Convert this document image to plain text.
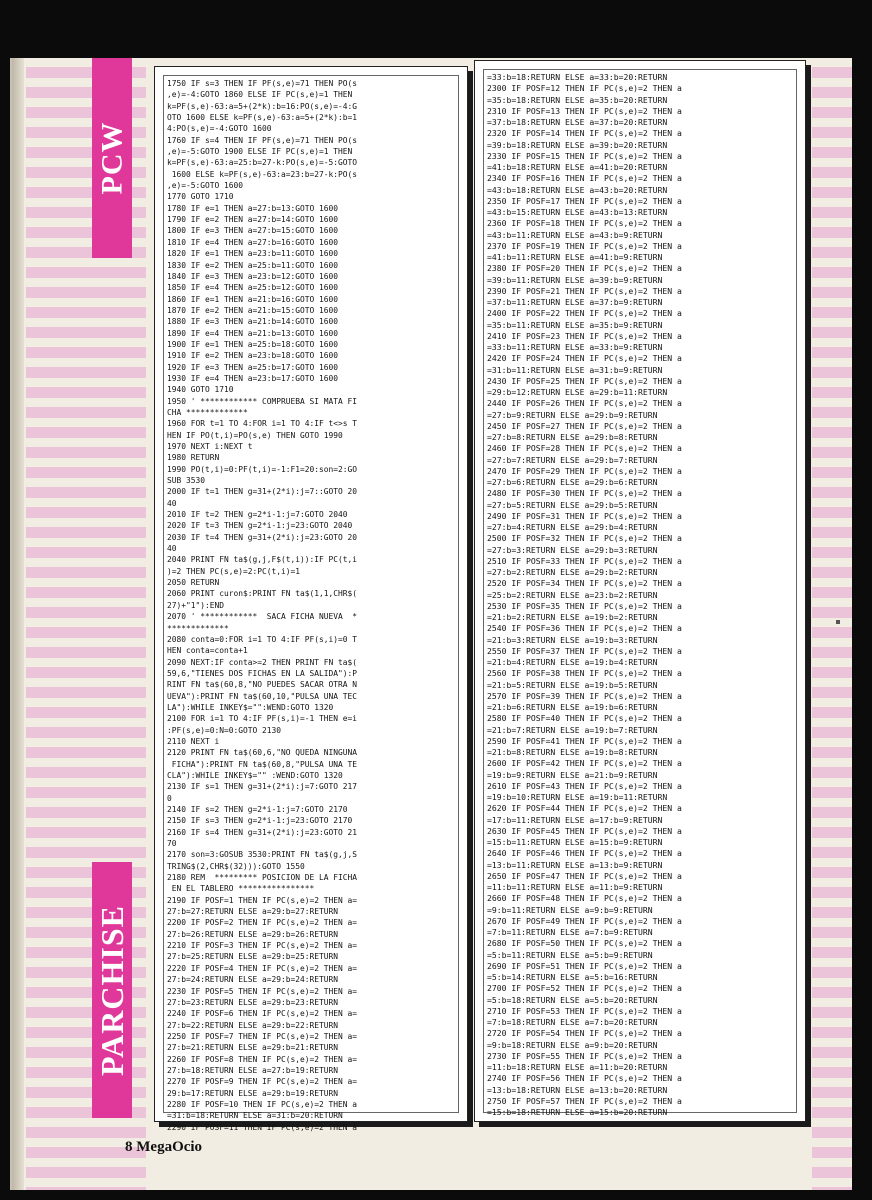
PCW
PARCHISE
1750 IF s=3 THEN IF PF(s,e)=71 THEN PO(s
,e)=-4:GOTO 1860 ELSE IF PC(s,e)=1 THEN
k=PF(s,e)-63:a=5+(2*k):b=16:PO(s,e)=-4:G
OTO 1600 ELSE k=PF(s,e)-63:a=5+(2*k):b=1
4:PO(s,e)=-4:GOTO 1600
1760 IF s=4 THEN IF PF(s,e)=71 THEN PO(s
,e)=-5:GOTO 1900 ELSE IF PC(s,e)=1 THEN
k=PF(s,e)-63:a=25:b=27-k:PO(s,e)=-5:GOTO
1600 ELSE k=PF(s,e)-63:a=23:b=27-k:PO(s
,e)=-5:GOTO 1600
1770 GOTO 1710
1780 IF e=1 THEN a=27:b=13:GOTO 1600
1790 IF e=2 THEN a=27:b=14:GOTO 1600
1800 IF e=3 THEN a=27:b=15:GOTO 1600
1810 IF e=4 THEN a=27:b=16:GOTO 1600
1820 IF e=1 THEN a=23:b=11:GOTO 1600
1830 IF e=2 THEN a=25:b=11:GOTO 1600
1840 IF e=3 THEN a=23:b=12:GOTO 1600
1850 IF e=4 THEN a=25:b=12:GOTO 1600
1860 IF e=1 THEN a=21:b=16:GOTO 1600
1870 IF e=2 THEN a=21:b=15:GOTO 1600
1880 IF e=3 THEN a=21:b=14:GOTO 1600
1890 IF e=4 THEN a=21:b=13:GOTO 1600
1900 IF e=1 THEN a=25:b=18:GOTO 1600
1910 IF e=2 THEN a=23:b=18:GOTO 1600
1920 IF e=3 THEN a=25:b=17:GOTO 1600
1930 IF e=4 THEN a=23:b=17:GOTO 1600
1940 GOTO 1710
1950 ' ************ COMPRUEBA SI MATA FI
CHA *************
1960 FOR t=1 TO 4:FOR i=1 TO 4:IF t<>s T
HEN IF PO(t,i)=PO(s,e) THEN GOTO 1990
1970 NEXT i:NEXT t
1980 RETURN
1990 PO(t,i)=0:PF(t,i)=-1:F1=20:son=2:GO
SUB 3530
2000 IF t=1 THEN g=31+(2*i):j=7::GOTO 20
40
2010 IF t=2 THEN g=2*i-1:j=7:GOTO 2040
2020 IF t=3 THEN g=2*i-1:j=23:GOTO 2040
2030 IF t=4 THEN g=31+(2*i):j=23:GOTO 20
40
2040 PRINT FN ta$(g,j,F$(t,i)):IF PC(t,i
)=2 THEN PC(s,e)=2:PC(t,i)=1
2050 RETURN
2060 PRINT curon$:PRINT FN ta$(1,1,CHR$(
27)+"1"):END
2070 ' ************  SACA FICHA NUEVA  *
*************
2080 conta=0:FOR i=1 TO 4:IF PF(s,i)=0 T
HEN conta=conta+1
2090 NEXT:IF conta>=2 THEN PRINT FN ta$(
59,6,"TIENES DOS FICHAS EN LA SALIDA"):P
RINT FN ta$(60,8,"NO PUEDES SACAR OTRA N
UEVA"):PRINT FN ta$(60,10,"PULSA UNA TEC
LA"):WHILE INKEY$="":WEND:GOTO 1320
2100 FOR i=1 TO 4:IF PF(s,i)=-1 THEN e=i
:PF(s,e)=0:N=0:GOTO 2130
2110 NEXT i
2120 PRINT FN ta$(60,6,"NO QUEDA NINGUNA
FICHA"):PRINT FN ta$(60,8,"PULSA UNA TE
CLA"):WHILE INKEY$="" :WEND:GOTO 1320
2130 IF s=1 THEN g=31+(2*i):j=7:GOTO 217
0
2140 IF s=2 THEN g=2*i-1:j=7:GOTO 2170
2150 IF s=3 THEN g=2*i-1:j=23:GOTO 2170
2160 IF s=4 THEN g=31+(2*i):j=23:GOTO 21
70
2170 son=3:GOSUB 3530:PRINT FN ta$(g,j,S
TRING$(2,CHR$(32))):GOTO 1550
2180 REM  ********* POSICION DE LA FICHA
EN EL TABLERO ****************
2190 IF POSF=1 THEN IF PC(s,e)=2 THEN a=
27:b=27:RETURN ELSE a=29:b=27:RETURN
2200 IF POSF=2 THEN IF PC(s,e)=2 THEN a=
27:b=26:RETURN ELSE a=29:b=26:RETURN
2210 IF POSF=3 THEN IF PC(s,e)=2 THEN a=
27:b=25:RETURN ELSE a=29:b=25:RETURN
2220 IF POSF=4 THEN IF PC(s,e)=2 THEN a=
27:b=24:RETURN ELSE a=29:b=24:RETURN
2230 IF POSF=5 THEN IF PC(s,e)=2 THEN a=
27:b=23:RETURN ELSE a=29:b=23:RETURN
2240 IF POSF=6 THEN IF PC(s,e)=2 THEN a=
27:b=22:RETURN ELSE a=29:b=22:RETURN
2250 IF POSF=7 THEN IF PC(s,e)=2 THEN a=
27:b=21:RETURN ELSE a=29:b=21:RETURN
2260 IF POSF=8 THEN IF PC(s,e)=2 THEN a=
27:b=18:RETURN ELSE a=27:b=19:RETURN
2270 IF POSF=9 THEN IF PC(s,e)=2 THEN a=
29:b=17:RETURN ELSE a=29:b=19:RETURN
2280 IF POSF=10 THEN IF PC(s,e)=2 THEN a
=31:b=18:RETURN ELSE a=31:b=20:RETURN
2290 IF POSF=11 THEN IF PC(s,e)=2 THEN a
=33:b=18:RETURN ELSE a=33:b=20:RETURN
2300 IF POSF=12 THEN IF PC(s,e)=2 THEN a
=35:b=18:RETURN ELSE a=35:b=20:RETURN
2310 IF POSF=13 THEN IF PC(s,e)=2 THEN a
=37:b=18:RETURN ELSE a=37:b=20:RETURN
2320 IF POSF=14 THEN IF PC(s,e)=2 THEN a
=39:b=18:RETURN ELSE a=39:b=20:RETURN
2330 IF POSF=15 THEN IF PC(s,e)=2 THEN a
=41:b=18:RETURN ELSE a=41:b=20:RETURN
2340 IF POSF=16 THEN IF PC(s,e)=2 THEN a
=43:b=18:RETURN ELSE a=43:b=20:RETURN
2350 IF POSF=17 THEN IF PC(s,e)=2 THEN a
=43:b=15:RETURN ELSE a=43:b=13:RETURN
2360 IF POSF=18 THEN IF PC(s,e)=2 THEN a
=43:b=11:RETURN ELSE a=43:b=9:RETURN
2370 IF POSF=19 THEN IF PC(s,e)=2 THEN a
=41:b=11:RETURN ELSE a=41:b=9:RETURN
2380 IF POSF=20 THEN IF PC(s,e)=2 THEN a
=39:b=11:RETURN ELSE a=39:b=9:RETURN
2390 IF POSF=21 THEN IF PC(s,e)=2 THEN a
=37:b=11:RETURN ELSE a=37:b=9:RETURN
2400 IF POSF=22 THEN IF PC(s,e)=2 THEN a
=35:b=11:RETURN ELSE a=35:b=9:RETURN
2410 IF POSF=23 THEN IF PC(s,e)=2 THEN a
=33:b=11:RETURN ELSE a=33:b=9:RETURN
2420 IF POSF=24 THEN IF PC(s,e)=2 THEN a
=31:b=11:RETURN ELSE a=31:b=9:RETURN
2430 IF POSF=25 THEN IF PC(s,e)=2 THEN a
=29:b=12:RETURN ELSE a=29:b=11:RETURN
2440 IF POSF=26 THEN IF PC(s,e)=2 THEN a
=27:b=9:RETURN ELSE a=29:b=9:RETURN
2450 IF POSF=27 THEN IF PC(s,e)=2 THEN a
=27:b=8:RETURN ELSE a=29:b=8:RETURN
2460 IF POSF=28 THEN IF PC(s,e)=2 THEN a
=27:b=7:RETURN ELSE a=29:b=7:RETURN
2470 IF POSF=29 THEN IF PC(s,e)=2 THEN a
=27:b=6:RETURN ELSE a=29:b=6:RETURN
2480 IF POSF=30 THEN IF PC(s,e)=2 THEN a
=27:b=5:RETURN ELSE a=29:b=5:RETURN
2490 IF POSF=31 THEN IF PC(s,e)=2 THEN a
=27:b=4:RETURN ELSE a=29:b=4:RETURN
2500 IF POSF=32 THEN IF PC(s,e)=2 THEN a
=27:b=3:RETURN ELSE a=29:b=3:RETURN
2510 IF POSF=33 THEN IF PC(s,e)=2 THEN a
=27:b=2:RETURN ELSE a=29:b=2:RETURN
2520 IF POSF=34 THEN IF PC(s,e)=2 THEN a
=25:b=2:RETURN ELSE a=23:b=2:RETURN
2530 IF POSF=35 THEN IF PC(s,e)=2 THEN a
=21:b=2:RETURN ELSE a=19:b=2:RETURN
2540 IF POSF=36 THEN IF PC(s,e)=2 THEN a
=21:b=3:RETURN ELSE a=19:b=3:RETURN
2550 IF POSF=37 THEN IF PC(s,e)=2 THEN a
=21:b=4:RETURN ELSE a=19:b=4:RETURN
2560 IF POSF=38 THEN IF PC(s,e)=2 THEN a
=21:b=5:RETURN ELSE a=19:b=5:RETURN
2570 IF POSF=39 THEN IF PC(s,e)=2 THEN a
=21:b=6:RETURN ELSE a=19:b=6:RETURN
2580 IF POSF=40 THEN IF PC(s,e)=2 THEN a
=21:b=7:RETURN ELSE a=19:b=7:RETURN
2590 IF POSF=41 THEN IF PC(s,e)=2 THEN a
=21:b=8:RETURN ELSE a=19:b=8:RETURN
2600 IF POSF=42 THEN IF PC(s,e)=2 THEN a
=19:b=9:RETURN ELSE a=21:b=9:RETURN
2610 IF POSF=43 THEN IF PC(s,e)=2 THEN a
=19:b=10:RETURN ELSE a=19:b=11:RETURN
2620 IF POSF=44 THEN IF PC(s,e)=2 THEN a
=17:b=11:RETURN ELSE a=17:b=9:RETURN
2630 IF POSF=45 THEN IF PC(s,e)=2 THEN a
=15:b=11:RETURN ELSE a=15:b=9:RETURN
2640 IF POSF=46 THEN IF PC(s,e)=2 THEN a
=13:b=11:RETURN ELSE a=13:b=9:RETURN
2650 IF POSF=47 THEN IF PC(s,e)=2 THEN a
=11:b=11:RETURN ELSE a=11:b=9:RETURN
2660 IF POSF=48 THEN IF PC(s,e)=2 THEN a
=9:b=11:RETURN ELSE a=9:b=9:RETURN
2670 IF POSF=49 THEN IF PC(s,e)=2 THEN a
=7:b=11:RETURN ELSE a=7:b=9:RETURN
2680 IF POSF=50 THEN IF PC(s,e)=2 THEN a
=5:b=11:RETURN ELSE a=5:b=9:RETURN
2690 IF POSF=51 THEN IF PC(s,e)=2 THEN a
=5:b=14:RETURN ELSE a=5:b=16:RETURN
2700 IF POSF=52 THEN IF PC(s,e)=2 THEN a
=5:b=18:RETURN ELSE a=5:b=20:RETURN
2710 IF POSF=53 THEN IF PC(s,e)=2 THEN a
=7:b=18:RETURN ELSE a=7:b=20:RETURN
2720 IF POSF=54 THEN IF PC(s,e)=2 THEN a
=9:b=18:RETURN ELSE a=9:b=20:RETURN
2730 IF POSF=55 THEN IF PC(s,e)=2 THEN a
=11:b=18:RETURN ELSE a=11:b=20:RETURN
2740 IF POSF=56 THEN IF PC(s,e)=2 THEN a
=13:b=18:RETURN ELSE a=13:b=20:RETURN
2750 IF POSF=57 THEN IF PC(s,e)=2 THEN a
=15:b=18:RETURN ELSE a=15:b=20:RETURN
8 MegaOcio
